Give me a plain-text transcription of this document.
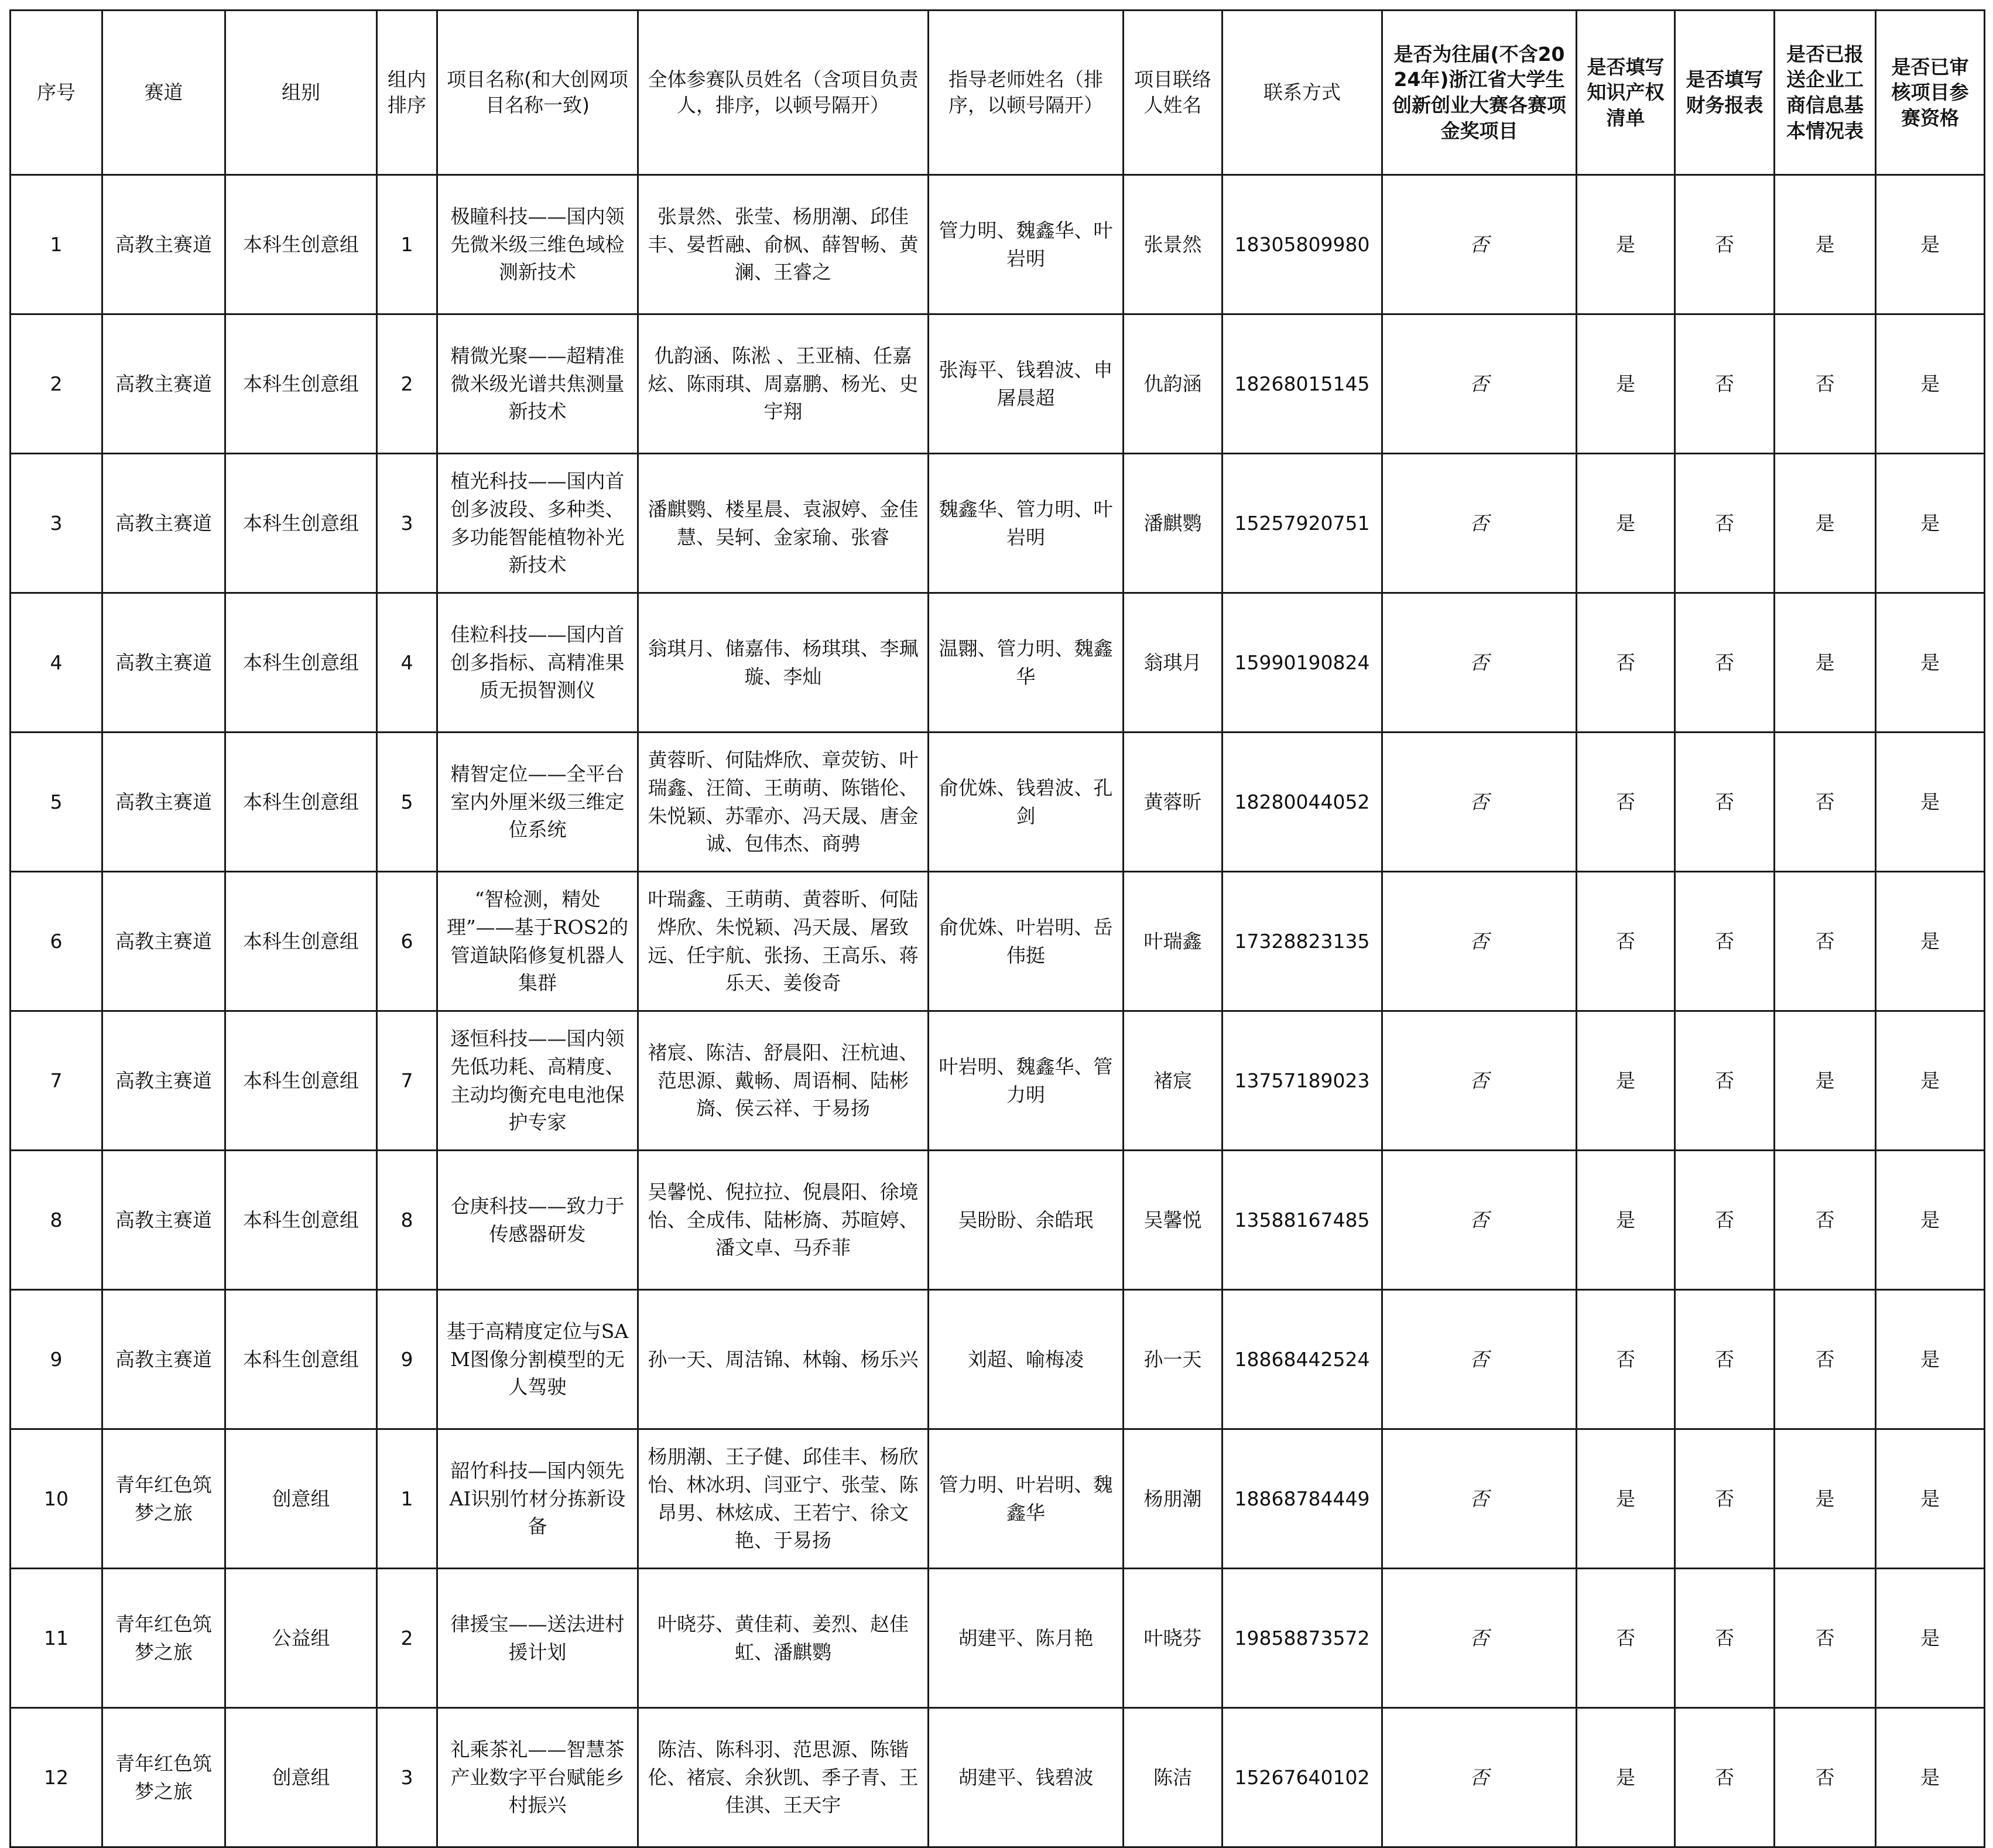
序号	赛道	组别	组内排序	项目名称(和大创网项目名称一致)	全体参赛队员姓名（含项目负责人，排序，以顿号隔开）	指导老师姓名（排序，以顿号隔开）	项目联络人姓名	联系方式	是否为往届(不含2024年)浙江省大学生创新创业大赛各赛项金奖项目	是否填写知识产权清单	是否填写财务报表	是否已报送企业工商信息基本情况表	是否已审核项目参赛资格
1	高教主赛道	本科生创意组	1	极瞳科技——国内领先微米级三维色域检测新技术	张景然、张莹、杨朋潮、邱佳丰、晏哲融、俞枫、薛智畅、黄澜、王睿之	管力明、魏鑫华、叶岩明	张景然	18305809980	否	是	否	是	是
2	高教主赛道	本科生创意组	2	精微光聚——超精准微米级光谱共焦测量新技术	仇韵涵、陈淞 、王亚楠、任嘉炫、陈雨琪、周嘉鹏、杨光、史宇翔	张海平、钱碧波、申屠晨超	仇韵涵	18268015145	否	是	否	否	是
3	高教主赛道	本科生创意组	3	植光科技——国内首创多波段、多种类、多功能智能植物补光新技术	潘麒鹦、楼星晨、袁淑婷、金佳慧、吴轲、金家瑜、张睿	魏鑫华、管力明、叶岩明	潘麒鹦	15257920751	否	是	否	是	是
4	高教主赛道	本科生创意组	4	佳粒科技——国内首创多指标、高精准果质无损智测仪	翁琪月、储嘉伟、杨琪琪、李珮璇、李灿	温翾、管力明、魏鑫华	翁琪月	15990190824	否	否	否	是	是
5	高教主赛道	本科生创意组	5	精智定位——全平台室内外厘米级三维定位系统	黄蓉昕、何陆烨欣、章荧钫、叶瑞鑫、汪简、王萌萌、陈锴伦、朱悦颖、苏霏亦、冯天晟、唐金诚、包伟杰、商骋	俞优姝、钱碧波、孔剑	黄蓉昕	18280044052	否	否	否	否	是
6	高教主赛道	本科生创意组	6	“智检测，精处理”——基于ROS2的管道缺陷修复机器人集群	叶瑞鑫、王萌萌、黄蓉昕、何陆烨欣、朱悦颖、冯天晟、屠致远、任宇航、张扬、王高乐、蒋乐天、姜俊奇	俞优姝、叶岩明、岳伟挺	叶瑞鑫	17328823135	否	否	否	否	是
7	高教主赛道	本科生创意组	7	逐恒科技——国内领先低功耗、高精度、主动均衡充电电池保护专家	褚宸、陈洁、舒晨阳、汪杭迪、范思源、戴畅、周语桐、陆彬旖、侯云祥、于易扬	叶岩明、魏鑫华、管力明	褚宸	13757189023	否	是	否	是	是
8	高教主赛道	本科生创意组	8	仓庚科技——致力于传感器研发	吴馨悦、倪拉拉、倪晨阳、徐境怡、全成伟、陆彬旖、苏暄婷、潘文卓、马乔菲	吴盼盼、余皓珉	吴馨悦	13588167485	否	是	否	否	是
9	高教主赛道	本科生创意组	9	基于高精度定位与SAM图像分割模型的无人驾驶	孙一天、周洁锦、林翰、杨乐兴	刘超、喻梅凌	孙一天	18868442524	否	否	否	否	是
10	青年红色筑梦之旅	创意组	1	韶竹科技—国内领先AI识别竹材分拣新设备	杨朋潮、王子健、邱佳丰、杨欣怡、林冰玥、闫亚宁、张莹、陈昂男、林炫成、王若宁、徐文艳、于易扬	管力明、叶岩明、魏鑫华	杨朋潮	18868784449	否	是	否	是	是
11	青年红色筑梦之旅	公益组	2	律援宝——送法进村援计划	叶晓芬、黄佳莉、姜烈、赵佳虹、潘麒鹦	胡建平、陈月艳	叶晓芬	19858873572	否	否	否	否	是
12	青年红色筑梦之旅	创意组	3	礼乘茶礼——智慧茶产业数字平台赋能乡村振兴	陈洁、陈科羽、范思源、陈锴伦、褚宸、余狄凯、季子青、王佳淇、王天宇	胡建平、钱碧波	陈洁	15267640102	否	是	否	否	是
